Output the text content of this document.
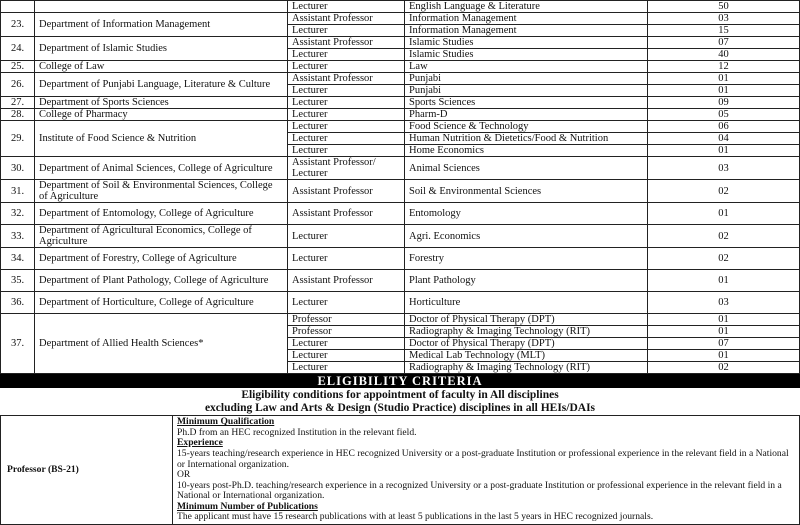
		Lecturer	English Language & Literature	50
23.	Department of Information Management	Assistant Professor	Information Management	03
		Lecturer	Information Management	15
24.	Department of Islamic Studies	Assistant Professor	Islamic Studies	07
		Lecturer	Islamic Studies	40
25.	College of Law	Lecturer	Law	12
26.	Department of Punjabi Language, Literature & Culture	Assistant Professor	Punjabi	01
		Lecturer	Punjabi	01
27.	Department of Sports Sciences	Lecturer	Sports Sciences	09
28.	College of Pharmacy	Lecturer	Pharm-D	05
29.	Institute of Food Science & Nutrition	Lecturer	Food Science & Technology	06
		Lecturer	Human Nutrition & Dietetics/Food & Nutrition	04
		Lecturer	Home Economics	01
30.	Department of Animal Sciences, College of Agriculture	Assistant Professor/ Lecturer	Animal Sciences	03
31.	Department of Soil & Environmental Sciences, College of Agriculture	Assistant Professor	Soil & Environmental Sciences	02
32.	Department of Entomology, College of Agriculture	Assistant Professor	Entomology	01
33.	Department of Agricultural Economics, College of Agriculture	Lecturer	Agri. Economics	02
34.	Department of Forestry, College of Agriculture	Lecturer	Forestry	02
35.	Department of Plant Pathology, College of Agriculture	Assistant Professor	Plant Pathology	01
36.	Department of Horticulture, College of Agriculture	Lecturer	Horticulture	03
37.	Department of Allied Health Sciences*	Professor	Doctor of Physical Therapy (DPT)	01
		Professor	Radiography & Imaging Technology (RIT)	01
		Lecturer	Doctor of Physical Therapy (DPT)	07
		Lecturer	Medical Lab Technology (MLT)	01
		Lecturer	Radiography & Imaging Technology (RIT)	02
ELIGIBILITY CRITERIA
Eligibility conditions for appointment of faculty in All disciplines
excluding Law and Arts & Design (Studio Practice) disciplines in all HEIs/DAIs
Professor (BS-21)	

Minimum Qualification

Ph.D from an HEC recognized Institution in the relevant field.

Experience

15-years teaching/research experience in HEC recognized University or a post-graduate Institution or professional experience in the relevant field in a National or International organization.

OR

10-years post-Ph.D. teaching/research experience in a recognized University or a post-graduate Institution or professional experience in the relevant field in a National or International organization.

Minimum Number of Publications

The applicant must have 15 research publications with at least 5 publications in the last 5 years in HEC recognized journals.
